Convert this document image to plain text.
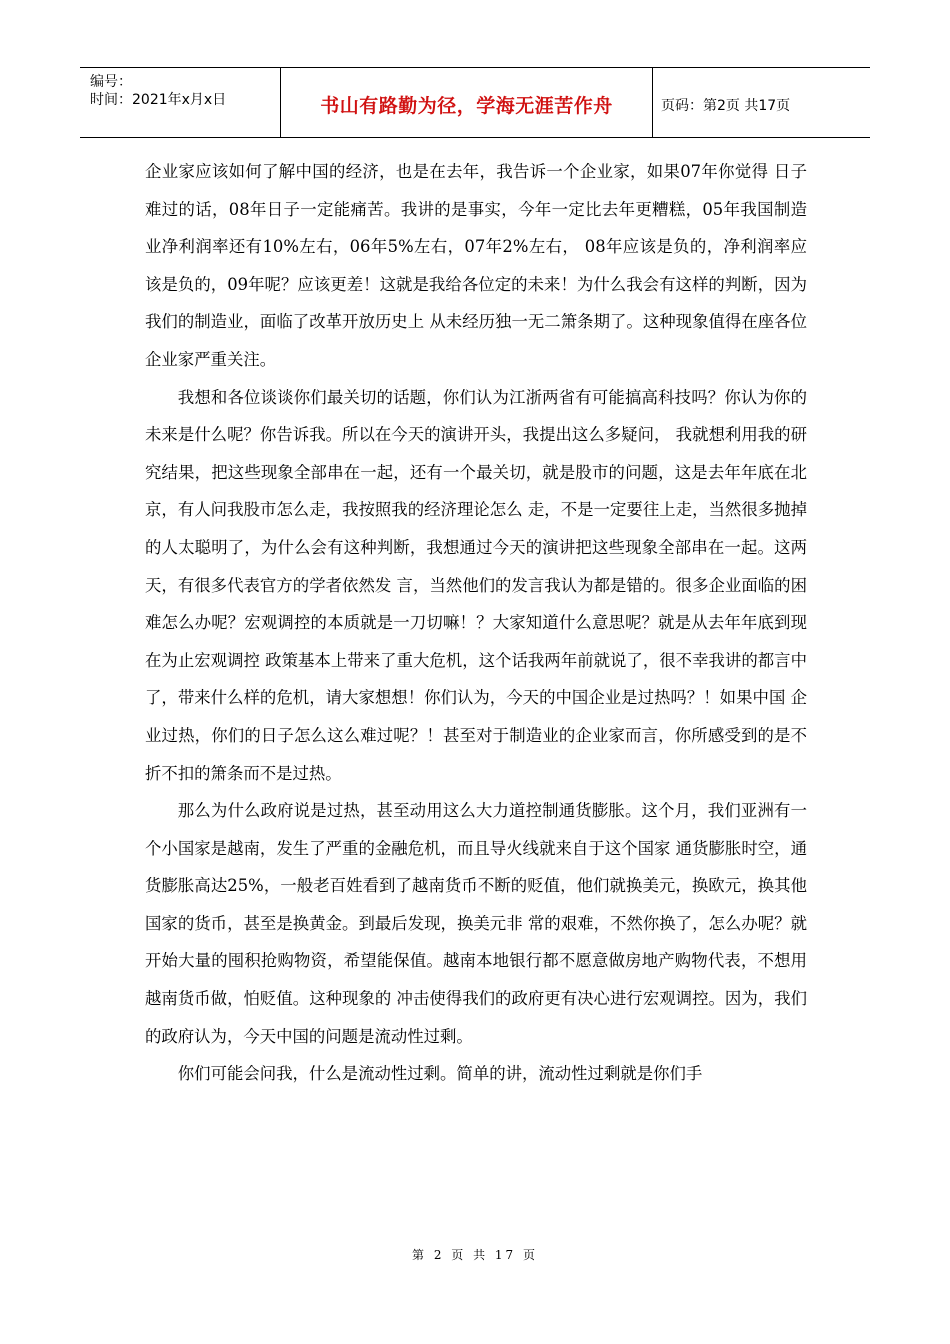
编号：
时间：2021年x月x日	书山有路勤为径，学海无涯苦作舟	页码：第2页 共17页

企业家应该如何了解中国的经济，也是在去年，我告诉一个企业家，如果07年你觉得 日子难过的话，08年日子一定能痛苦。我讲的是事实，今年一定比去年更糟糕，05年我国制造业净利润率还有10%左右，06年5%左右，07年2%左右， 08年应该是负的，净利润率应该是负的，09年呢？应该更差！这就是我给各位定的未来！为什么我会有这样的判断，因为我们的制造业，面临了改革开放历史上 从未经历独一无二箫条期了。这种现象值得在座各位企业家严重关注。

我想和各位谈谈你们最关切的话题，你们认为江浙两省有可能搞高科技吗？你认为你的未来是什么呢？你告诉我。所以在今天的演讲开头，我提出这么多疑问， 我就想利用我的研究结果，把这些现象全部串在一起，还有一个最关切，就是股市的问题，这是去年年底在北京，有人问我股市怎么走，我按照我的经济理论怎么 走，不是一定要往上走，当然很多抛掉的人太聪明了，为什么会有这种判断，我想通过今天的演讲把这些现象全部串在一起。这两天，有很多代表官方的学者依然发 言，当然他们的发言我认为都是错的。很多企业面临的困难怎么办呢？宏观调控的本质就是一刀切嘛！？大家知道什么意思呢？就是从去年年底到现在为止宏观调控 政策基本上带来了重大危机，这个话我两年前就说了，很不幸我讲的都言中了，带来什么样的危机，请大家想想！你们认为，今天的中国企业是过热吗？！如果中国 企业过热，你们的日子怎么这么难过呢？！甚至对于制造业的企业家而言，你所感受到的是不折不扣的箫条而不是过热。

那么为什么政府说是过热，甚至动用这么大力道控制通货膨胀。这个月，我们亚洲有一个小国家是越南，发生了严重的金融危机，而且导火线就来自于这个国家 通货膨胀时空，通货膨胀高达25%，一般老百姓看到了越南货币不断的贬值，他们就换美元，换欧元，换其他国家的货币，甚至是换黄金。到最后发现，换美元非 常的艰难，不然你换了，怎么办呢？就开始大量的囤积抢购物资，希望能保值。越南本地银行都不愿意做房地产购物代表，不想用越南货币做，怕贬值。这种现象的 冲击使得我们的政府更有决心进行宏观调控。因为，我们的政府认为，今天中国的问题是流动性过剩。

你们可能会问我，什么是流动性过剩。简单的讲，流动性过剩就是你们手

第 2 页 共 17 页
